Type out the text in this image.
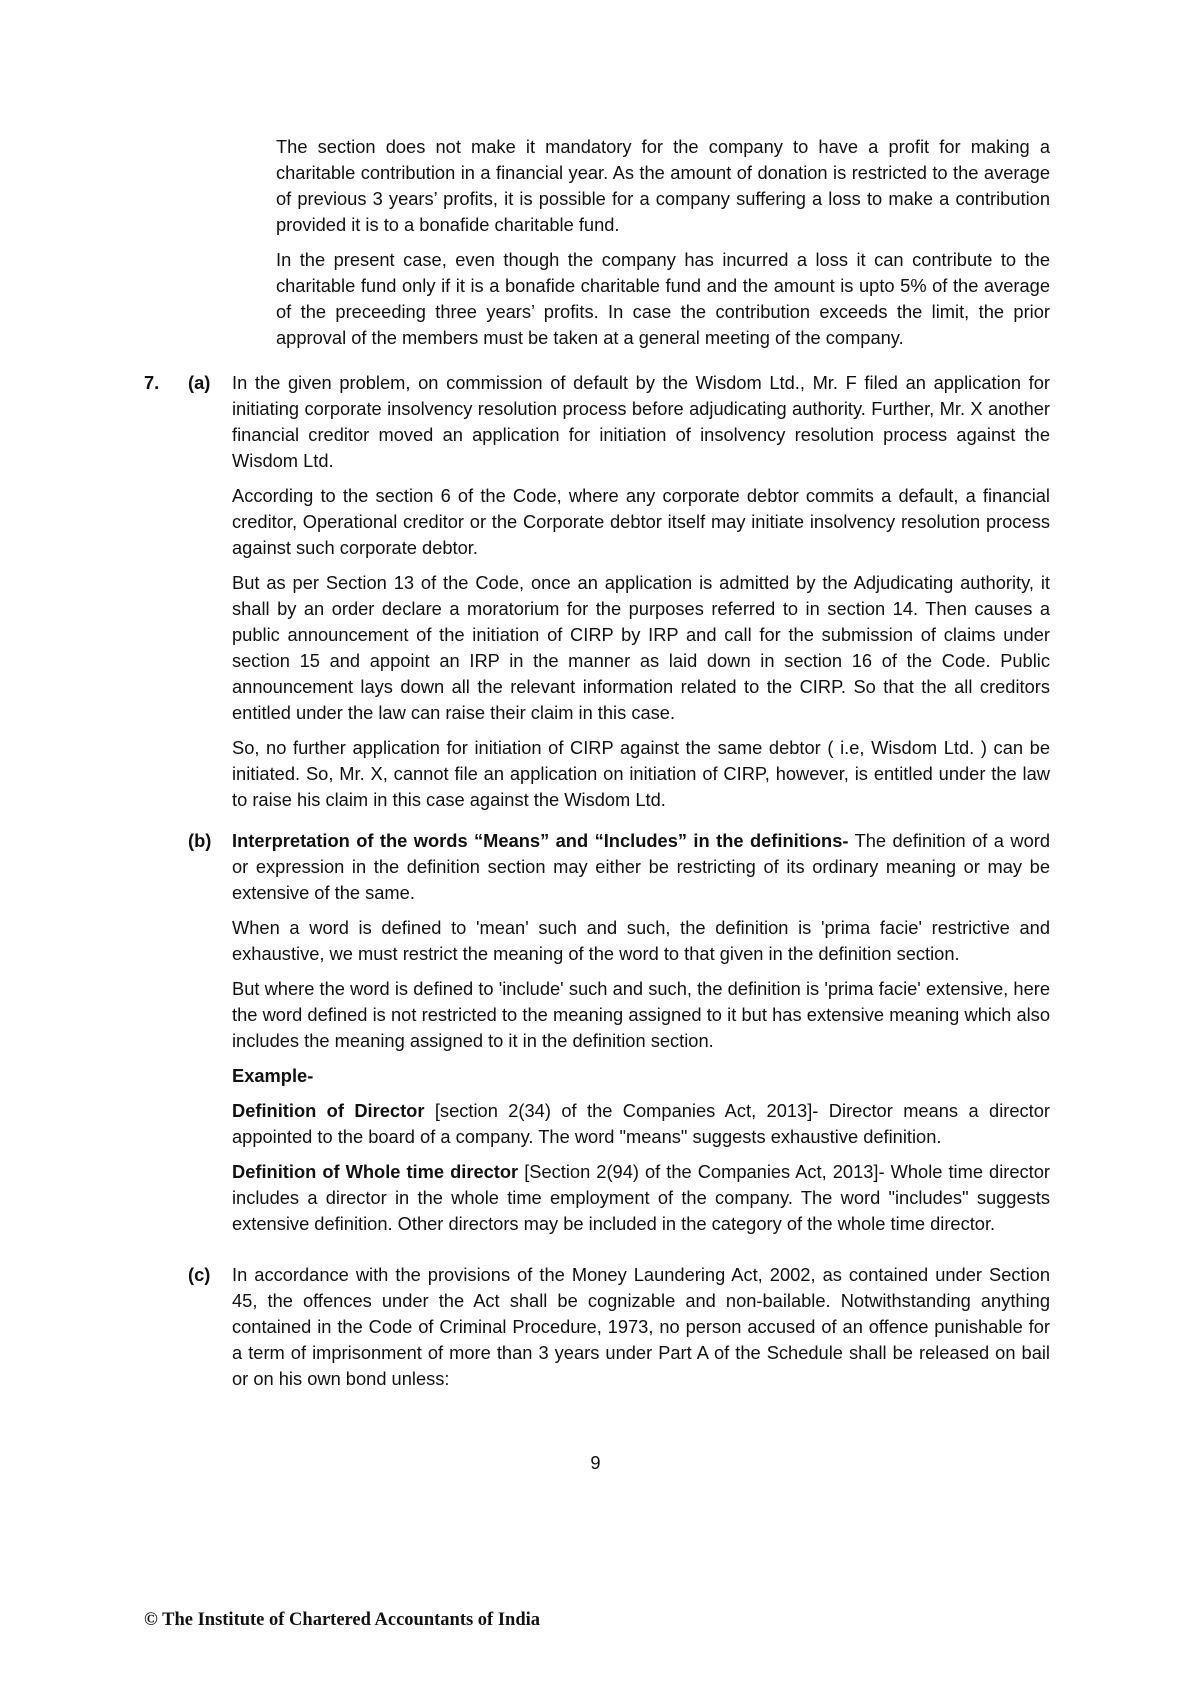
The section does not make it mandatory for the company to have a profit for making a charitable contribution in a financial year. As the amount of donation is restricted to the average of previous 3 years’ profits, it is possible for a company suffering a loss to make a contribution provided it is to a bonafide charitable fund.

In the present case, even though the company has incurred a loss it can contribute to the charitable fund only if it is a bonafide charitable fund and the amount is upto 5% of the average of the preceeding three years’ profits. In case the contribution exceeds the limit, the prior approval of the members must be taken at a general meeting of the company.

7. (a) In the given problem, on commission of default by the Wisdom Ltd., Mr. F filed an application for initiating corporate insolvency resolution process before adjudicating authority. Further, Mr. X another financial creditor moved an application for initiation of insolvency resolution process against the Wisdom Ltd.

According to the section 6 of the Code, where any corporate debtor commits a default, a financial creditor, Operational creditor or the Corporate debtor itself may initiate insolvency resolution process against such corporate debtor.

But as per Section 13 of the Code, once an application is admitted by the Adjudicating authority, it shall by an order declare a moratorium for the purposes referred to in section 14. Then causes a public announcement of the initiation of CIRP by IRP and call for the submission of claims under section 15 and appoint an IRP in the manner as laid down in section 16 of the Code. Public announcement lays down all the relevant information related to the CIRP. So that the all creditors entitled under the law can raise their claim in this case.

So, no further application for initiation of CIRP against the same debtor ( i.e, Wisdom Ltd. ) can be initiated. So, Mr. X, cannot file an application on initiation of CIRP, however, is entitled under the law to raise his claim in this case against the Wisdom Ltd.

(b) Interpretation of the words “Means” and “Includes” in the definitions- The definition of a word or expression in the definition section may either be restricting of its ordinary meaning or may be extensive of the same.

When a word is defined to 'mean' such and such, the definition is 'prima facie' restrictive and exhaustive, we must restrict the meaning of the word to that given in the definition section.

But where the word is defined to 'include' such and such, the definition is 'prima facie' extensive, here the word defined is not restricted to the meaning assigned to it but has extensive meaning which also includes the meaning assigned to it in the definition section.

Example-

Definition of Director [section 2(34) of the Companies Act, 2013]- Director means a director appointed to the board of a company. The word "means" suggests exhaustive definition.

Definition of Whole time director [Section 2(94) of the Companies Act, 2013]- Whole time director includes a director in the whole time employment of the company. The word "includes" suggests extensive definition. Other directors may be included in the category of the whole time director.

(c) In accordance with the provisions of the Money Laundering Act, 2002, as contained under Section 45, the offences under the Act shall be cognizable and non-bailable. Notwithstanding anything contained in the Code of Criminal Procedure, 1973, no person accused of an offence punishable for a term of imprisonment of more than 3 years under Part A of the Schedule shall be released on bail or on his own bond unless:

9
© The Institute of Chartered Accountants of India
